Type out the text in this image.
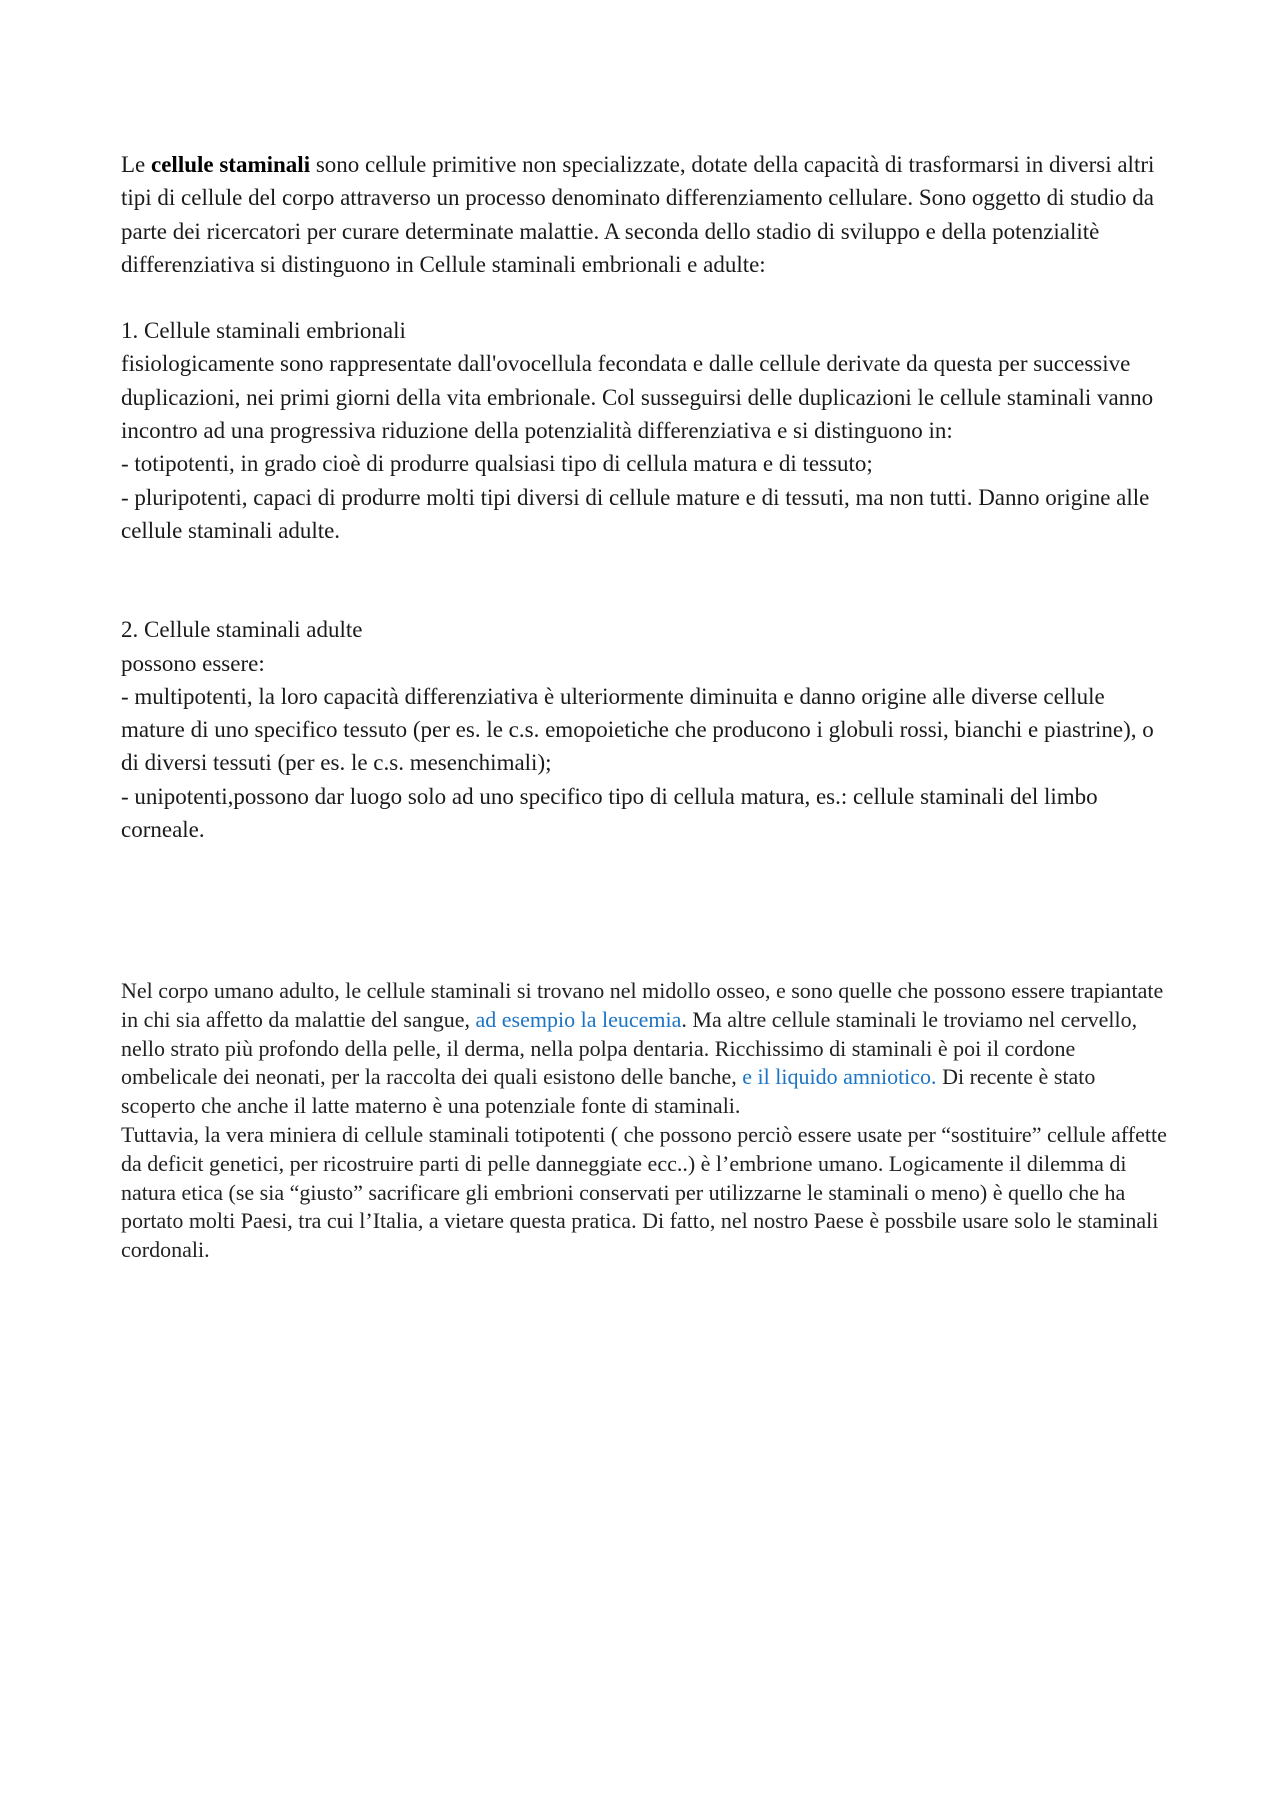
Le cellule staminali sono cellule primitive non specializzate, dotate della capacità di trasformarsi in diversi altri tipi di cellule del corpo attraverso un processo denominato differenziamento cellulare. Sono oggetto di studio da parte dei ricercatori per curare determinate malattie. A seconda dello stadio di sviluppo e della potenzialitè differenziativa si distinguono in Cellule staminali embrionali e adulte:

1. Cellule staminali embrionali

fisiologicamente sono rappresentate dall'ovocellula fecondata e dalle cellule derivate da questa per successive duplicazioni, nei primi giorni della vita embrionale. Col susseguirsi delle duplicazioni le cellule staminali vanno incontro ad una progressiva riduzione della potenzialità differenziativa e si distinguono in:

- totipotenti, in grado cioè di produrre qualsiasi tipo di cellula matura e di tessuto;

- pluripotenti, capaci di produrre molti tipi diversi di cellule mature e di tessuti, ma non tutti. Danno origine alle cellule staminali adulte.

2. Cellule staminali adulte

possono essere:

- multipotenti, la loro capacità differenziativa è ulteriormente diminuita e danno origine alle diverse cellule mature di uno specifico tessuto (per es. le c.s. emopoietiche che producono i globuli rossi, bianchi e piastrine), o di diversi tessuti (per es. le c.s. mesenchimali);

- unipotenti,possono dar luogo solo ad uno specifico tipo di cellula matura, es.: cellule staminali del limbo corneale.

Nel corpo umano adulto, le cellule staminali si trovano nel midollo osseo, e sono quelle che possono essere trapiantate in chi sia affetto da malattie del sangue, ad esempio la leucemia. Ma altre cellule staminali le troviamo nel cervello, nello strato più profondo della pelle, il derma, nella polpa dentaria. Ricchissimo di staminali è poi il cordone ombelicale dei neonati, per la raccolta dei quali esistono delle banche, e il liquido amniotico. Di recente è stato scoperto che anche il latte materno è una potenziale fonte di staminali.

Tuttavia, la vera miniera di cellule staminali totipotenti ( che possono perciò essere usate per “sostituire” cellule affette da deficit genetici, per ricostruire parti di pelle danneggiate ecc..) è l’embrione umano. Logicamente il dilemma di natura etica (se sia “giusto” sacrificare gli embrioni conservati per utilizzarne le staminali o meno) è quello che ha portato molti Paesi, tra cui l’Italia, a vietare questa pratica. Di fatto, nel nostro Paese è possbile usare solo le staminali cordonali.
